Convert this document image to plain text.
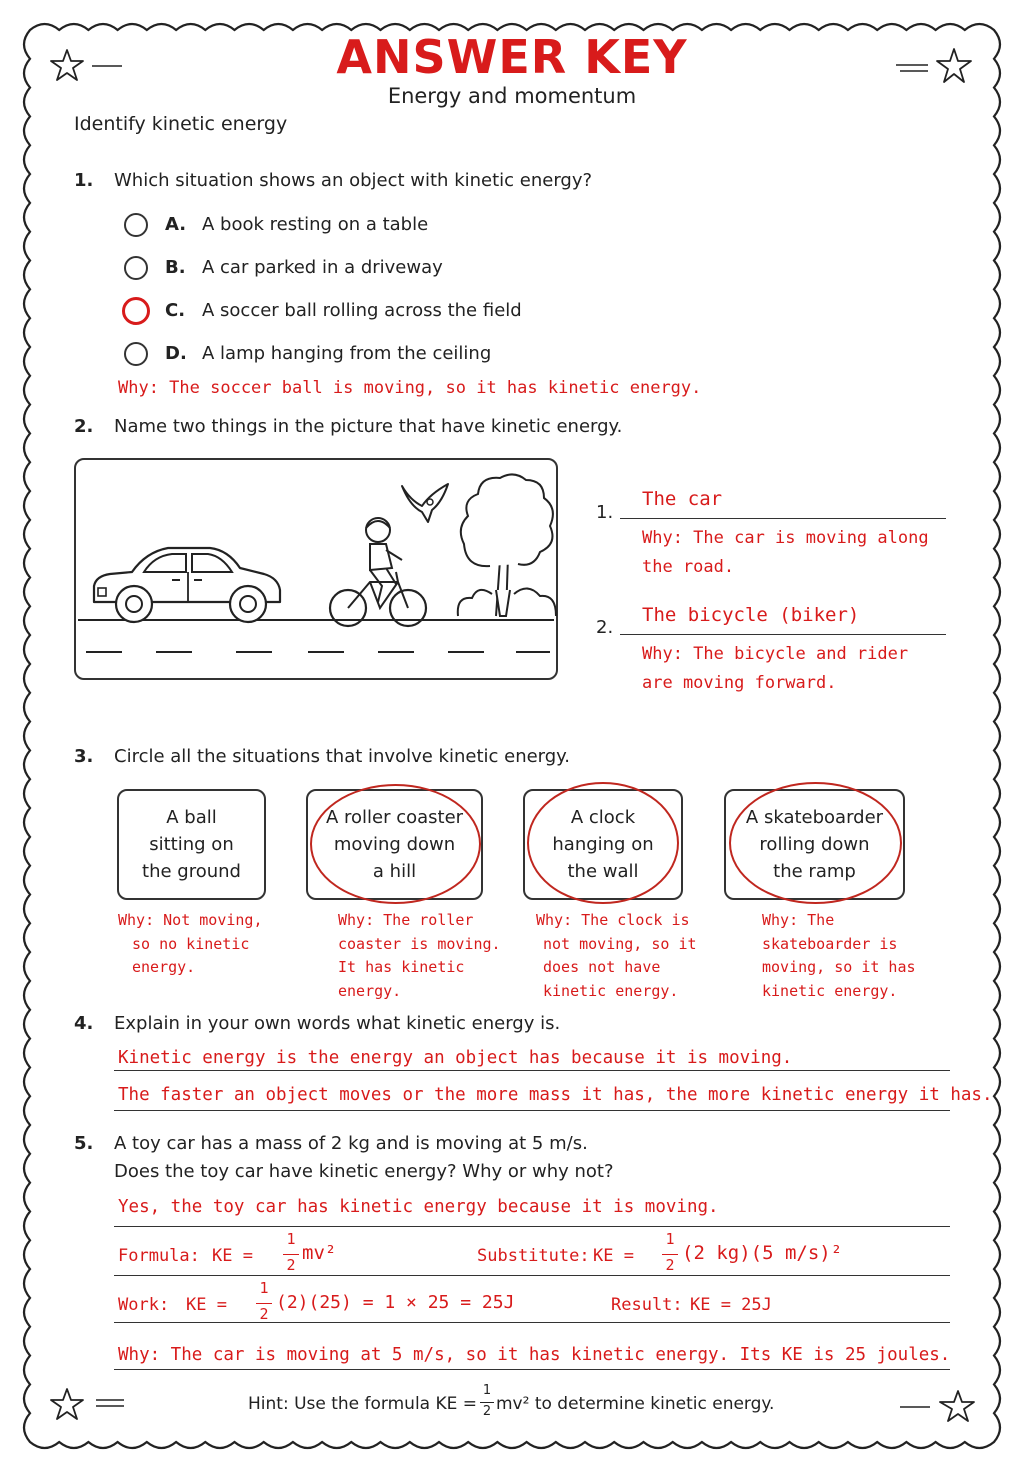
ANSWER KEY
Energy and momentum
Identify kinetic energy
1. Which situation shows an object with kinetic energy?
A. A book resting on a table
B. A car parked in a driveway
C. A soccer ball rolling across the field
D. A lamp hanging from the ceiling
Why: The soccer ball is moving, so it has kinetic energy.
2. Name two things in the picture that have kinetic energy.
1.
The car
Why: The car is moving along
the road.
2.
The bicycle (biker)
Why: The bicycle and rider
are moving forward.
3. Circle all the situations that involve kinetic energy.
A ball
sitting on
the ground
A roller coaster
moving down
a hill
A clock
hanging on
the wall
A skateboarder
rolling down
the ramp
Why: Not moving,
so no kinetic
energy.
Why: The roller
coaster is moving.
It has kinetic
energy.
Why: The clock is
not moving, so it
does not have
kinetic energy.
Why: The
skateboarder is
moving, so it has
kinetic energy.
4. Explain in your own words what kinetic energy is.
Kinetic energy is the energy an object has because it is moving.
The faster an object moves or the more mass it has, the more kinetic energy it has.
5. A toy car has a mass of 2 kg and is moving at 5 m/s.
Does the toy car have kinetic energy? Why or why not?
Yes, the toy car has kinetic energy because it is moving.
Formula: KE =
1
2
mv²	Substitute: KE =
1
2
(2 kg)(5 m/s)²
Work: KE =
1
2
(2)(25) = 1 × 25 = 25J	Result: KE = 25J
Why: The car is moving at 5 m/s, so it has kinetic energy. Its KE is 25 joules.
Hint: Use the formula KE =
1
2 mv² to determine kinetic energy.
